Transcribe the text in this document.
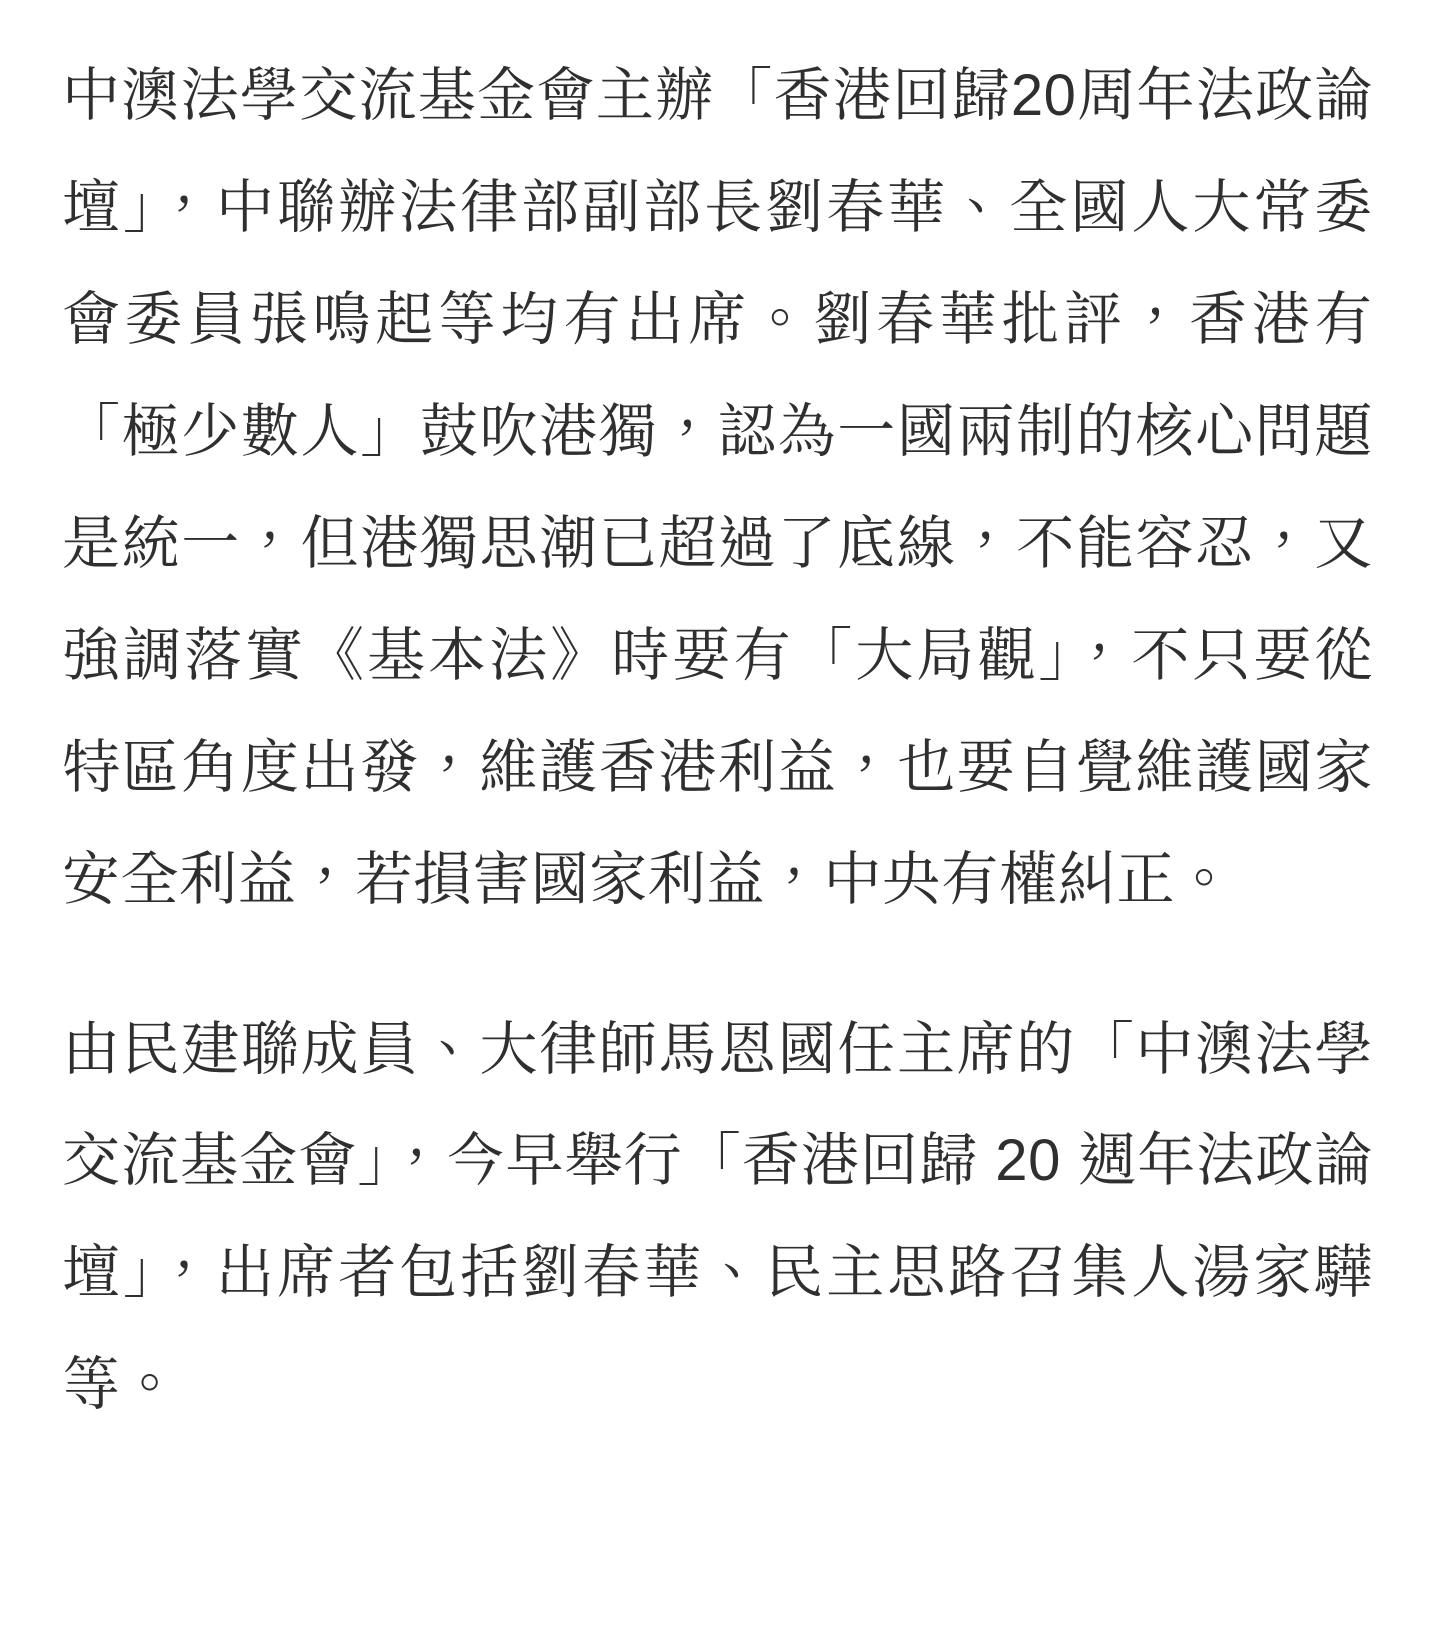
中澳法學交流基金會主辦「香港回歸20周年法政論壇」，中聯辦法律部副部長劉春華、全國人大常委會委員張鳴起等均有出席。劉春華批評，香港有「極少數人」鼓吹港獨，認為一國兩制的核心問題是統一，但港獨思潮已超過了底線，不能容忍，又強調落實《基本法》時要有「大局觀」，不只要從特區角度出發，維護香港利益，也要自覺維護國家安全利益，若損害國家利益，中央有權糾正。

由民建聯成員、大律師馬恩國任主席的「中澳法學交流基金會」，今早舉行「香港回歸 20 週年法政論壇」，出席者包括劉春華、民主思路召集人湯家驊等。
